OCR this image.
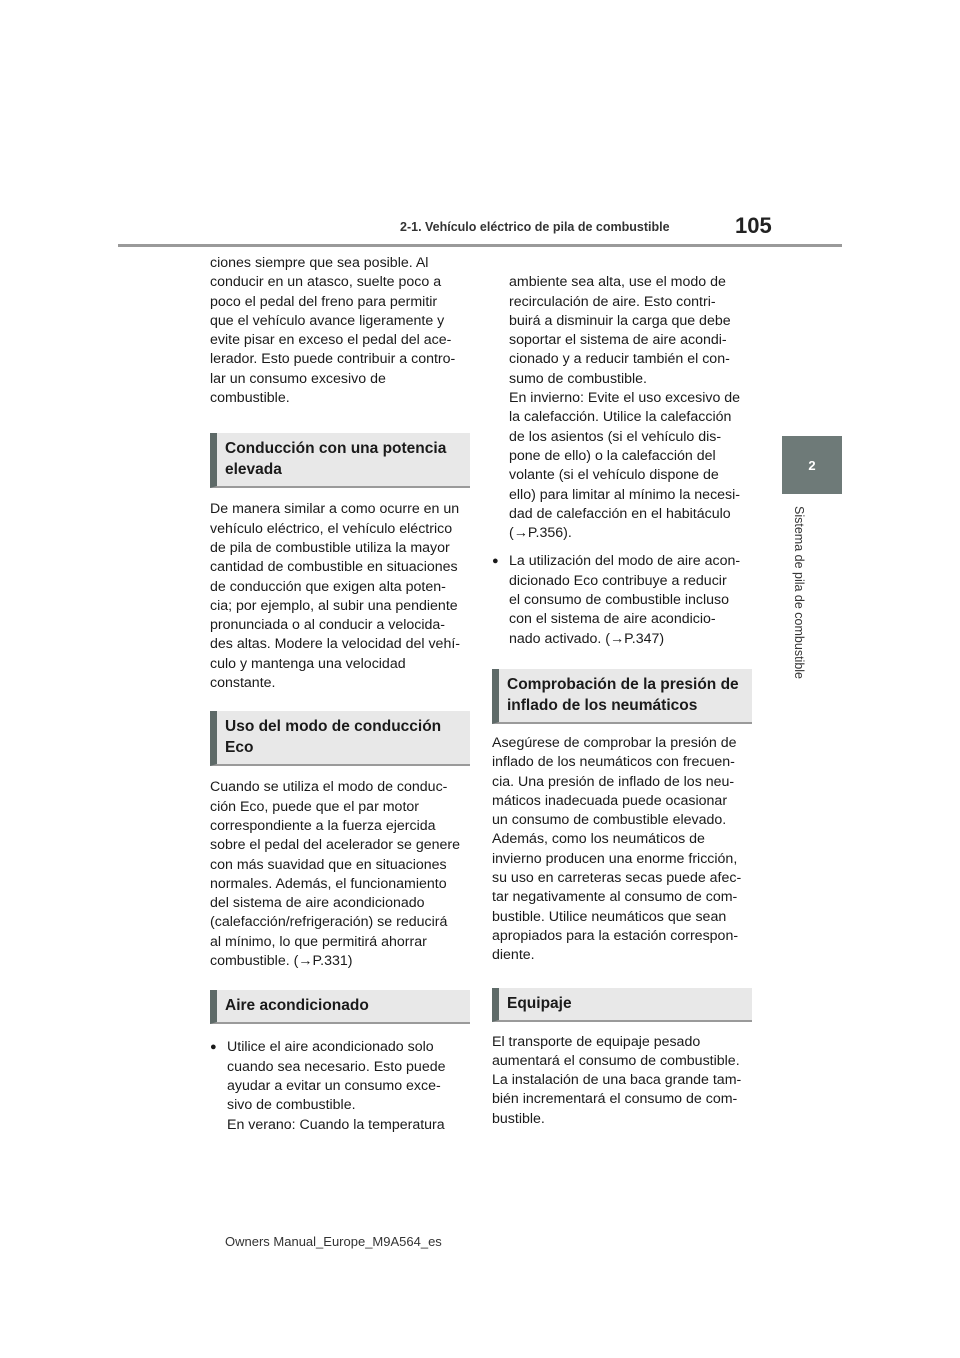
2-1. Vehículo eléctrico de pila de combustible	105
2
Sistema de pila de combustible

ciones siempre que sea posible. Al
conducir en un atasco, suelte poco a
poco el pedal del freno para permitir
que el vehículo avance ligeramente y
evite pisar en exceso el pedal del ace-
lerador. Esto puede contribuir a contro-
lar un consumo excesivo de
combustible.

Conducción con una potencia
elevada

De manera similar a como ocurre en un
vehículo eléctrico, el vehículo eléctrico
de pila de combustible utiliza la mayor
cantidad de combustible en situaciones
de conducción que exigen alta poten-
cia; por ejemplo, al subir una pendiente
pronunciada o al conducir a velocida-
des altas. Modere la velocidad del vehí-
culo y mantenga una velocidad
constante.

Uso del modo de conducción
Eco

Cuando se utiliza el modo de conduc-
ción Eco, puede que el par motor
correspondiente a la fuerza ejercida
sobre el pedal del acelerador se genere
con más suavidad que en situaciones
normales. Además, el funcionamiento
del sistema de aire acondicionado
(calefacción/refrigeración) se reducirá
al mínimo, lo que permitirá ahorrar
combustible. (→P.331)

Aire acondicionado
● Utilice el aire acondicionado solo
cuando sea necesario. Esto puede
ayudar a evitar un consumo exce-
sivo de combustible.
En verano: Cuando la temperatura

ambiente sea alta, use el modo de
recirculación de aire. Esto contri-
buirá a disminuir la carga que debe
soportar el sistema de aire acondi-
cionado y a reducir también el con-
sumo de combustible.
En invierno: Evite el uso excesivo de
la calefacción. Utilice la calefacción
de los asientos (si el vehículo dis-
pone de ello) o la calefacción del
volante (si el vehículo dispone de
ello) para limitar al mínimo la necesi-
dad de calefacción en el habitáculo
(→P.356).

● La utilización del modo de aire acon-
dicionado Eco contribuye a reducir
el consumo de combustible incluso
con el sistema de aire acondicio-
nado activado. (→P.347)
Comprobación de la presión de
inflado de los neumáticos

Asegúrese de comprobar la presión de
inflado de los neumáticos con frecuen-
cia. Una presión de inflado de los neu-
máticos inadecuada puede ocasionar
un consumo de combustible elevado.
Además, como los neumáticos de
invierno producen una enorme fricción,
su uso en carreteras secas puede afec-
tar negativamente al consumo de com-
bustible. Utilice neumáticos que sean
apropiados para la estación correspon-
diente.

Equipaje

El transporte de equipaje pesado
aumentará el consumo de combustible.
La instalación de una baca grande tam-
bién incrementará el consumo de com-
bustible.

Owners Manual_Europe_M9A564_es
